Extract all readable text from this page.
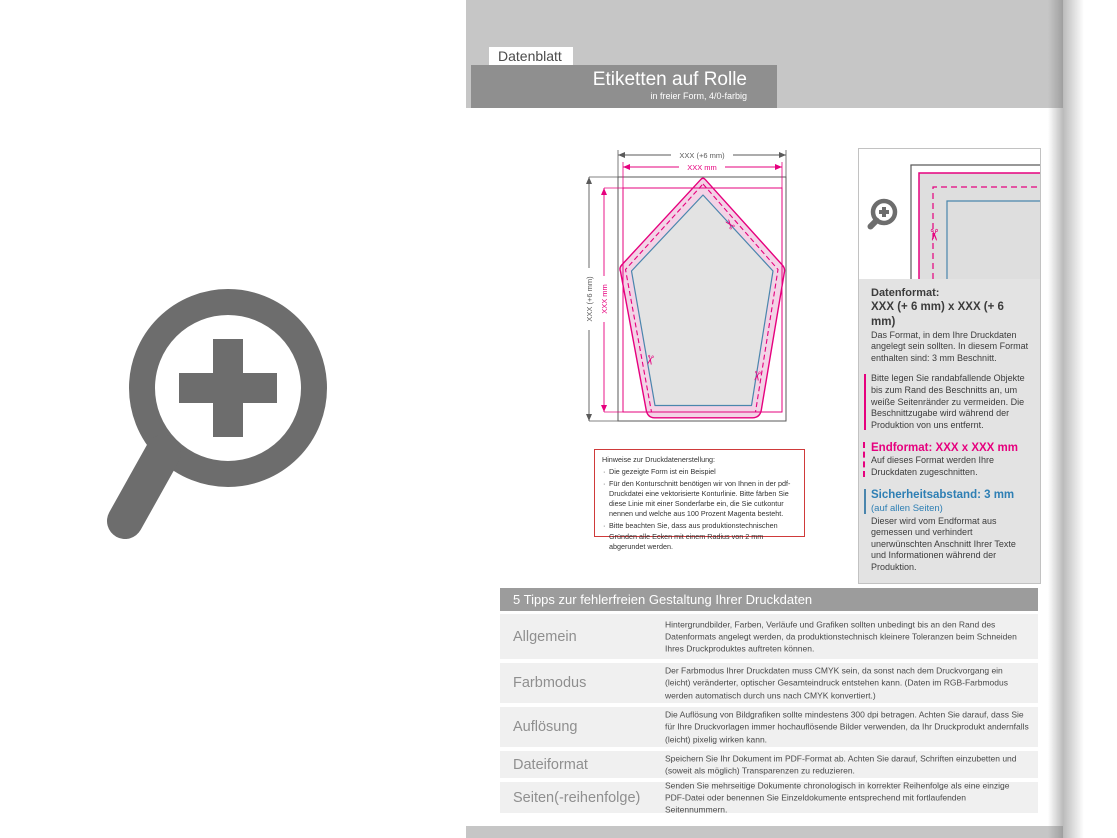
Datenblatt
Etiketten auf Rolle
in freier Form, 4/0-farbig
XXX (+6 mm)
XXX mm
XXX (+6 mm) XXX mm
✂
✂
✂
Hinweise zur Druckdatenerstellung:
· Die gezeigte Form ist ein Beispiel
· Für den Konturschnitt benötigen wir von Ihnen in der pdf-Druckdatei eine vektorisierte Konturlinie. Bitte färben Sie diese Linie mit einer Sonderfarbe ein, die Sie cutkontur nennen und welche aus 100 Prozent Magenta besteht.
· Bitte beachten Sie, dass aus produktionstechnischen Gründen alle Ecken mit einem Radius von 2 mm abgerundet werden.
✂
Datenformat:
XXX (+ 6 mm) x XXX (+ 6 mm)
Das Format, in dem Ihre Druckdaten angelegt sein sollten. In diesem Format enthalten sind: 3 mm Beschnitt.
Bitte legen Sie randabfallende Objekte bis zum Rand des Beschnitts an, um weiße Seitenränder zu vermeiden. Die Beschnittzugabe wird während der Produktion von uns entfernt.
Endformat: XXX x XXX mm
Auf dieses Format werden Ihre Druckdaten zugeschnitten.
Sicherheitsabstand: 3 mm
(auf allen Seiten)
Dieser wird vom Endformat aus gemessen und verhindert unerwünschten Anschnitt Ihrer Texte und Informationen während der Produktion.
5 Tipps zur fehlerfreien Gestaltung Ihrer Druckdaten
Allgemein
Hintergrundbilder, Farben, Verläufe und Grafiken sollten unbedingt bis an den Rand des Datenformats angelegt werden, da produktionstechnisch kleinere Toleranzen beim Schneiden Ihres Druckproduktes auftreten können.
Farbmodus
Der Farbmodus Ihrer Druckdaten muss CMYK sein, da sonst nach dem Druckvorgang ein (leicht) veränderter, optischer Gesamteindruck entstehen kann. (Daten im RGB-Farbmodus werden automatisch durch uns nach CMYK konvertiert.)
Auflösung
Die Auflösung von Bildgrafiken sollte mindestens 300 dpi betragen. Achten Sie darauf, dass Sie für Ihre Druckvorlagen immer hochauflösende Bilder verwenden, da Ihr Druckprodukt andernfalls (leicht) pixelig wirken kann.
Dateiformat	Speichern Sie Ihr Dokument im PDF-Format ab. Achten Sie darauf, Schriften einzubetten und (soweit als möglich) Transparenzen zu reduzieren.
Seiten(-reihenfolge)
Senden Sie mehrseitige Dokumente chronologisch in korrekter Reihenfolge als eine einzige PDF-Datei oder benennen Sie Einzeldokumente entsprechend mit fortlaufenden Seitennummern.
